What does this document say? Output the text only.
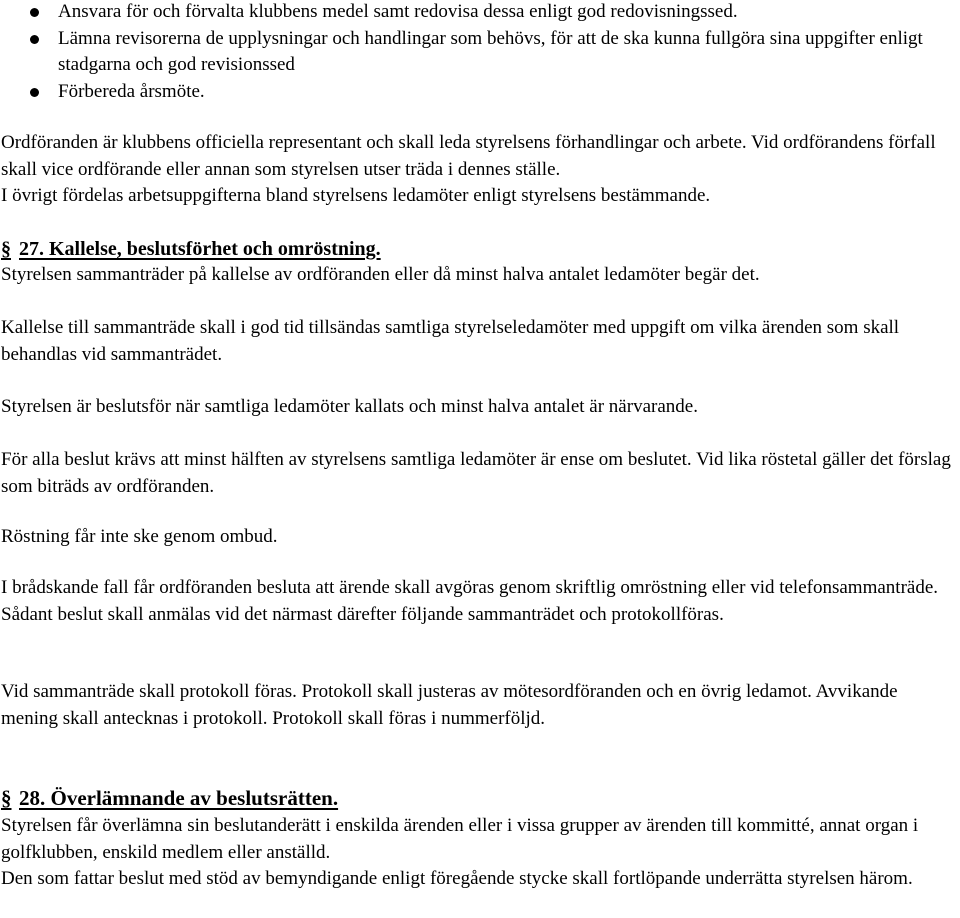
Ansvara för och förvalta klubbens medel samt redovisa dessa enligt god redovisningssed.
Lämna revisorerna de upplysningar och handlingar som behövs, för att de ska kunna fullgöra sina uppgifter enligt stadgarna och god revisionssed
Förbereda årsmöte.

Ordföranden är klubbens officiella representant och skall leda styrelsens förhandlingar och arbete. Vid ordförandens förfall skall vice ordförande eller annan som styrelsen utser träda i dennes ställe.

I övrigt fördelas arbetsuppgifterna bland styrelsens ledamöter enligt styrelsens bestämmande.

§ 27. Kallelse, beslutsförhet och omröstning.

Styrelsen sammanträder på kallelse av ordföranden eller då minst halva antalet ledamöter begär det.

Kallelse till sammanträde skall i god tid tillsändas samtliga styrelseledamöter med uppgift om vilka ärenden som skall behandlas vid sammanträdet.

Styrelsen är beslutsför när samtliga ledamöter kallats och minst halva antalet är närvarande.

För alla beslut krävs att minst hälften av styrelsens samtliga ledamöter är ense om beslutet. Vid lika röstetal gäller det förslag som biträds av ordföranden.

Röstning får inte ske genom ombud.

I brådskande fall får ordföranden besluta att ärende skall avgöras genom skriftlig omröstning eller vid telefonsammanträde. Sådant beslut skall anmälas vid det närmast därefter följande sammanträdet och protokollföras.

Vid sammanträde skall protokoll föras. Protokoll skall justeras av mötesordföranden och en övrig ledamot. Avvikande mening skall antecknas i protokoll. Protokoll skall föras i nummerföljd.

§ 28. Överlämnande av beslutsrätten.

Styrelsen får överlämna sin beslutanderätt i enskilda ärenden eller i vissa grupper av ärenden till kommitté, annat organ i golfklubben, enskild medlem eller anställd.

Den som fattar beslut med stöd av bemyndigande enligt föregående stycke skall fortlöpande underrätta styrelsen härom.
